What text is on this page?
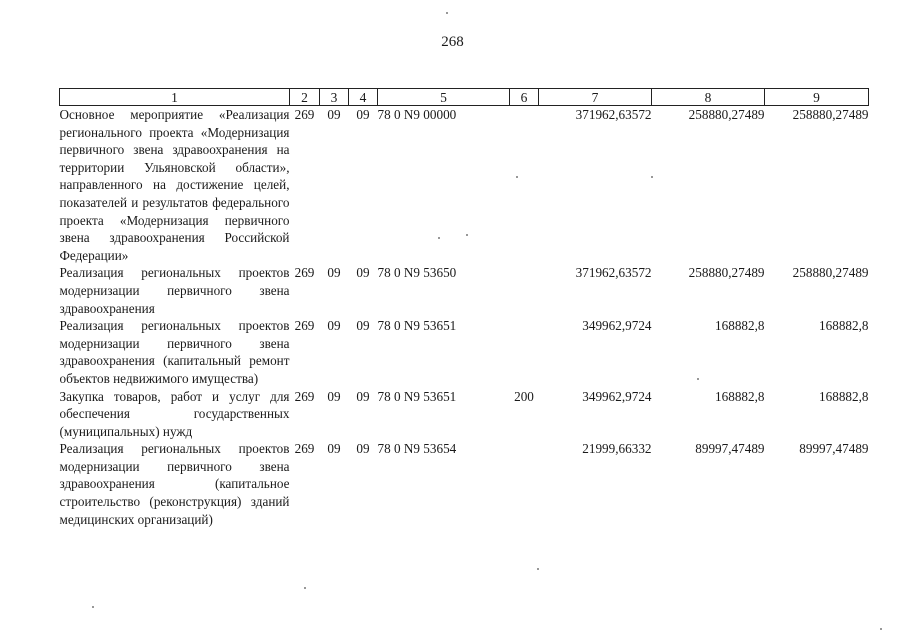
268
1	2	3	4	5	6	7	8	9
Основное мероприятие «Реализация регионального проекта «Модернизация первичного звена здравоохранения на территории Ульяновской области», направленного на достижение целей, показателей и результатов федерального проекта «Модернизация первичного звена здравоохранения Российской Федерации»	269	09	09	78 0 N9 00000		371962,63572	258880,27489	258880,27489
Реализация региональных проектов модернизации первичного звена здравоохранения	269	09	09	78 0 N9 53650		371962,63572	258880,27489	258880,27489
Реализация региональных проектов модернизации первичного звена здравоохранения (капитальный ремонт объектов недвижимого имущества)	269	09	09	78 0 N9 53651		349962,9724	168882,8	168882,8
Закупка товаров, работ и услуг для обеспечения государственных (муниципальных) нужд	269	09	09	78 0 N9 53651	200	349962,9724	168882,8	168882,8
Реализация региональных проектов модернизации первичного звена здравоохранения (капитальное строительство (реконструкция) зданий медицинских организаций)	269	09	09	78 0 N9 53654		21999,66332	89997,47489	89997,47489
